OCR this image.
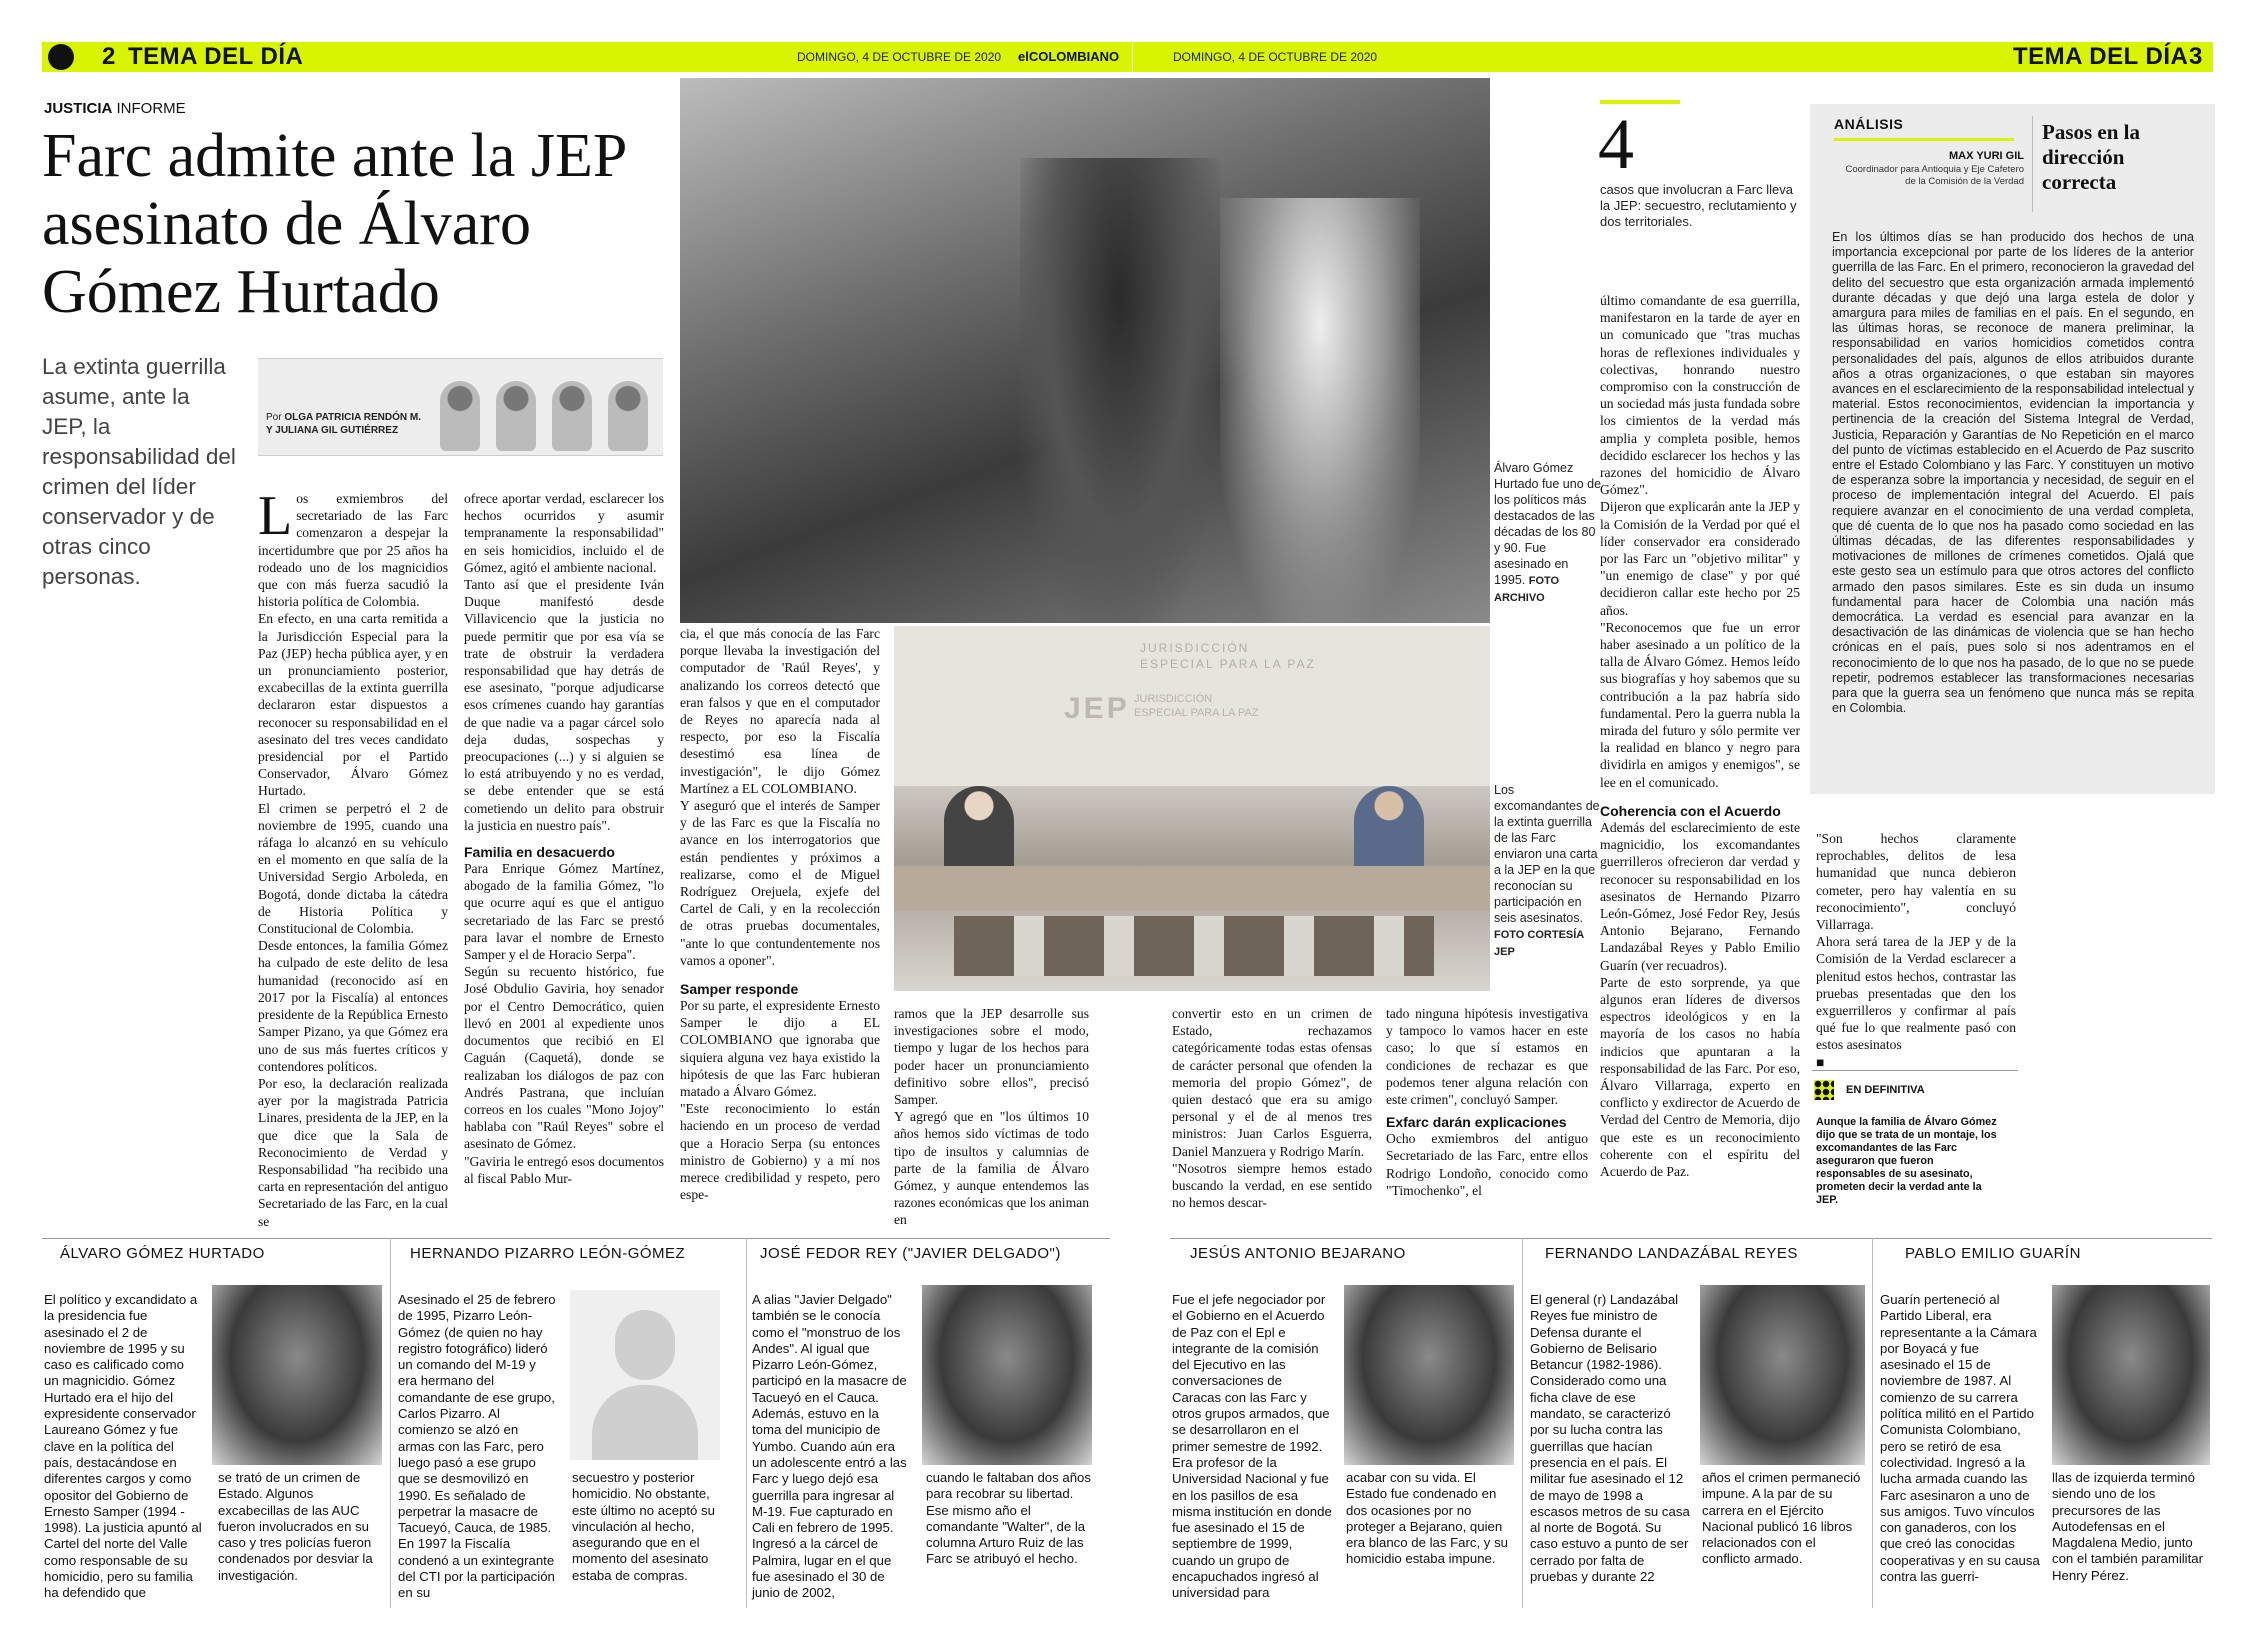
2 TEMA DEL DÍA	DOMINGO, 4 DE OCTUBRE DE 2020 elCOLOMBIANO	DOMINGO, 4 DE OCTUBRE DE 2020	TEMA DEL DÍA 3
JUSTICIA INFORME
Farc admite ante la JEP
asesinato de Álvaro
Gómez Hurtado
La extinta guerrilla asume, ante la JEP, la responsabilidad del crimen del líder conservador y de otras cinco personas.
Por OLGA PATRICIA RENDÓN M.
Y JULIANA GIL GUTIÉRREZ
L os exmiembros del secretariado de las Farc comenzaron a despejar la incertidumbre que por 25 años ha rodeado uno de los magnicidios que con más fuerza sacudió la historia política de Colombia.

En efecto, en una carta remitida a la Jurisdicción Especial para la Paz (JEP) hecha pública ayer, y en un pronunciamiento posterior, excabecillas de la extinta guerrilla declararon estar dispuestos a reconocer su responsabilidad en el asesinato del tres veces candidato presidencial por el Partido Conservador, Álvaro Gómez Hurtado.

El crimen se perpetró el 2 de noviembre de 1995, cuando una ráfaga lo alcanzó en su vehículo en el momento en que salía de la Universidad Sergio Arboleda, en Bogotá, donde dictaba la cátedra de Historia Política y Constitucional de Colombia.

Desde entonces, la familia Gómez ha culpado de este delito de lesa humanidad (reconocido así en 2017 por la Fiscalía) al entonces presidente de la República Ernesto Samper Pizano, ya que Gómez era uno de sus más fuertes críticos y contendores políticos.

Por eso, la declaración realizada ayer por la magistrada Patricia Linares, presidenta de la JEP, en la que dice que la Sala de Reconocimiento de Verdad y Responsabilidad "ha recibido una carta en representación del antiguo Secretariado de las Farc, en la cual se

ofrece aportar verdad, esclarecer los hechos ocurridos y asumir tempranamente la responsabilidad" en seis homicidios, incluido el de Gómez, agitó el ambiente nacional.

Tanto así que el presidente Iván Duque manifestó desde Villavicencio que la justicia no puede permitir que por esa vía se trate de obstruir la verdadera responsabilidad que hay detrás de ese asesinato, "porque adjudicarse esos crímenes cuando hay garantías de que nadie va a pagar cárcel solo deja dudas, sospechas y preocupaciones (...) y si alguien se lo está atribuyendo y no es verdad, se debe entender que se está cometiendo un delito para obstruir la justicia en nuestro país".

Familia en desacuerdo

Para Enrique Gómez Martínez, abogado de la familia Gómez, "lo que ocurre aquí es que el antiguo secretariado de las Farc se prestó para lavar el nombre de Ernesto Samper y el de Horacio Serpa".

Según su recuento histórico, fue José Obdulio Gaviria, hoy senador por el Centro Democrático, quien llevó en 2001 al expediente unos documentos que recibió en El Caguán (Caquetá), donde se realizaban los diálogos de paz con Andrés Pastrana, que incluían correos en los cuales "Mono Jojoy" hablaba con "Raúl Reyes" sobre el asesinato de Gómez.

"Gaviria le entregó esos documentos al fiscal Pablo Mur-

cia, el que más conocía de las Farc porque llevaba la investigación del computador de 'Raúl Reyes', y analizando los correos detectó que eran falsos y que en el computador de Reyes no aparecía nada al respecto, por eso la Fiscalía desestimó esa línea de investigación", le dijo Gómez Martínez a EL COLOMBIANO.

Y aseguró que el interés de Samper y de las Farc es que la Fiscalía no avance en los interrogatorios que están pendientes y próximos a realizarse, como el de Miguel Rodríguez Orejuela, exjefe del Cartel de Cali, y en la recolección de otras pruebas documentales, "ante lo que contundentemente nos vamos a oponer".

Samper responde

Por su parte, el expresidente Ernesto Samper le dijo a EL COLOMBIANO que ignoraba que siquiera alguna vez haya existido la hipótesis de que las Farc hubieran matado a Álvaro Gómez.

"Este reconocimiento lo están haciendo en un proceso de verdad que a Horacio Serpa (su entonces ministro de Gobierno) y a mí nos merece credibilidad y respeto, pero espe-

ramos que la JEP desarrolle sus investigaciones sobre el modo, tiempo y lugar de los hechos para poder hacer un pronunciamiento definitivo sobre ellos", precisó Samper.

Y agregó que en "los últimos 10 años hemos sido víctimas de todo tipo de insultos y calumnias de parte de la familia de Álvaro Gómez, y aunque entendemos las razones económicas que los animan en

Álvaro Gómez Hurtado fue uno de los políticos más destacados de las décadas de los 80 y 90. Fue asesinado en 1995. FOTO ARCHIVO
JEP JURISDICCIÓN
ESPECIAL PARA LA PAZ
JURISDICCIÓN
ESPECIAL PARA LA PAZ
Los excomandantes de la extinta guerrilla de las Farc enviaron una carta a la JEP en la que reconocían su participación en seis asesinatos. FOTO CORTESÍA JEP

convertir esto en un crimen de Estado, rechazamos categóricamente todas estas ofensas de carácter personal que ofenden la memoria del propio Gómez", de quien destacó que era su amigo personal y el de al menos tres ministros: Juan Carlos Esguerra, Daniel Manzuera y Rodrigo Marín.

"Nosotros siempre hemos estado buscando la verdad, en ese sentido no hemos descar-

tado ninguna hipótesis investigativa y tampoco lo vamos hacer en este caso; lo que sí estamos en condiciones de rechazar es que podemos tener alguna relación con este crimen", concluyó Samper.

Exfarc darán explicaciones

Ocho exmiembros del antiguo Secretariado de las Farc, entre ellos Rodrigo Londoño, conocido como "Timochenko", el

4
casos que involucran a Farc lleva la JEP: secuestro, reclutamiento y dos territoriales.

último comandante de esa guerrilla, manifestaron en la tarde de ayer en un comunicado que "tras muchas horas de reflexiones individuales y colectivas, honrando nuestro compromiso con la construcción de un sociedad más justa fundada sobre los cimientos de la verdad más amplia y completa posible, hemos decidido esclarecer los hechos y las razones del homicidio de Álvaro Gómez".

Dijeron que explicarán ante la JEP y la Comisión de la Verdad por qué el líder conservador era considerado por las Farc un "objetivo militar" y "un enemigo de clase" y por qué decidieron callar este hecho por 25 años.

"Reconocemos que fue un error haber asesinado a un político de la talla de Álvaro Gómez. Hemos leído sus biografías y hoy sabemos que su contribución a la paz habría sido fundamental. Pero la guerra nubla la mirada del futuro y sólo permite ver la realidad en blanco y negro para dividirla en amigos y enemigos", se lee en el comunicado.

Coherencia con el Acuerdo

Además del esclarecimiento de este magnicidio, los excomandantes guerrilleros ofrecieron dar verdad y reconocer su responsabilidad en los asesinatos de Hernando Pizarro León-Gómez, José Fedor Rey, Jesús Antonio Bejarano, Fernando Landazábal Reyes y Pablo Emilio Guarín (ver recuadros).

Parte de esto sorprende, ya que algunos eran líderes de diversos espectros ideológicos y en la mayoría de los casos no había indicios que apuntaran a la responsabilidad de las Farc. Por eso, Álvaro Villarraga, experto en conflicto y exdirector de Acuerdo de Verdad del Centro de Memoria, dijo que este es un reconocimiento coherente con el espíritu del Acuerdo de Paz.

"Son hechos claramente reprochables, delitos de lesa humanidad que nunca debieron cometer, pero hay valentía en su reconocimiento", concluyó Villarraga.

Ahora será tarea de la JEP y de la Comisión de la Verdad esclarecer a plenitud estos hechos, contrastar las pruebas presentadas que den los exguerrilleros y confirmar al país qué fue lo que realmente pasó con estos asesinatos

■
ANÁLISIS
MAX YURI GIL
Coordinador para Antioquia y Eje Cafetero de la Comisión de la Verdad
Pasos en la dirección correcta
En los últimos días se han producido dos hechos de una importancia excepcional por parte de los líderes de la anterior guerrilla de las Farc. En el primero, reconocieron la gravedad del delito del secuestro que esta organización armada implementó durante décadas y que dejó una larga estela de dolor y amargura para miles de familias en el país. En el segundo, en las últimas horas, se reconoce de manera preliminar, la responsabilidad en varios homicidios cometidos contra personalidades del país, algunos de ellos atribuidos durante años a otras organizaciones, o que estaban sin mayores avances en el esclarecimiento de la responsabilidad intelectual y material. Estos reconocimientos, evidencian la importancia y pertinencia de la creación del Sistema Integral de Verdad, Justicia, Reparación y Garantías de No Repetición en el marco del punto de víctimas establecido en el Acuerdo de Paz suscrito entre el Estado Colombiano y las Farc. Y constituyen un motivo de esperanza sobre la importancia y necesidad, de seguir en el proceso de implementación integral del Acuerdo. El país requiere avanzar en el conocimiento de una verdad completa, que dé cuenta de lo que nos ha pasado como sociedad en las últimas décadas, de las diferentes responsabilidades y motivaciones de millones de crímenes cometidos. Ojalá que este gesto sea un estímulo para que otros actores del conflicto armado den pasos similares. Este es sin duda un insumo fundamental para hacer de Colombia una nación más democrática. La verdad es esencial para avanzar en la desactivación de las dinámicas de violencia que se han hecho crónicas en el país, pues solo si nos adentramos en el reconocimiento de lo que nos ha pasado, de lo que no se puede repetir, podremos establecer las transformaciones necesarias para que la guerra sea un fenómeno que nunca más se repita en Colombia.
EN DEFINITIVA
Aunque la familia de Álvaro Gómez dijo que se trata de un montaje, los excomandantes de las Farc aseguraron que fueron responsables de su asesinato, prometen decir la verdad ante la JEP.
ÁLVARO GÓMEZ HURTADO
El político y excandidato a la presidencia fue asesinado el 2 de noviembre de 1995 y su caso es calificado como un magnicidio. Gómez Hurtado era el hijo del expresidente conservador Laureano Gómez y fue clave en la política del país, destacándose en diferentes cargos y como opositor del Gobierno de Ernesto Samper (1994 - 1998). La justicia apuntó al Cartel del norte del Valle como responsable de su homicidio, pero su familia ha defendido que
se trató de un crimen de Estado. Algunos excabecillas de las AUC fueron involucrados en su caso y tres policías fueron condenados por desviar la investigación.
HERNANDO PIZARRO LEÓN-GÓMEZ
Asesinado el 25 de febrero de 1995, Pizarro León-Gómez (de quien no hay registro fotográfico) lideró un comando del M-19 y era hermano del comandante de ese grupo, Carlos Pizarro. Al comienzo se alzó en armas con las Farc, pero luego pasó a ese grupo que se desmovilizó en 1990. Es señalado de perpetrar la masacre de Tacueyó, Cauca, de 1985. En 1997 la Fiscalía condenó a un exintegrante del CTI por la participación en su
secuestro y posterior homicidio. No obstante, este último no aceptó su vinculación al hecho, asegurando que en el momento del asesinato estaba de compras.
JOSÉ FEDOR REY ("JAVIER DELGADO")
A alias "Javier Delgado" también se le conocía como el "monstruo de los Andes". Al igual que Pizarro León-Gómez, participó en la masacre de Tacueyó en el Cauca. Además, estuvo en la toma del municipio de Yumbo. Cuando aún era un adolescente entró a las Farc y luego dejó esa guerrilla para ingresar al M-19. Fue capturado en Cali en febrero de 1995. Ingresó a la cárcel de Palmira, lugar en el que fue asesinado el 30 de junio de 2002,
cuando le faltaban dos años para recobrar su libertad. Ese mismo año el comandante "Walter", de la columna Arturo Ruiz de las Farc se atribuyó el hecho.
JESÚS ANTONIO BEJARANO
Fue el jefe negociador por el Gobierno en el Acuerdo de Paz con el Epl e integrante de la comisión del Ejecutivo en las conversaciones de Caracas con las Farc y otros grupos armados, que se desarrollaron en el primer semestre de 1992. Era profesor de la Universidad Nacional y fue en los pasillos de esa misma institución en donde fue asesinado el 15 de septiembre de 1999, cuando un grupo de encapuchados ingresó al universidad para
acabar con su vida. El Estado fue condenado en dos ocasiones por no proteger a Bejarano, quien era blanco de las Farc, y su homicidio estaba impune.
FERNANDO LANDAZÁBAL REYES
El general (r) Landazábal Reyes fue ministro de Defensa durante el Gobierno de Belisario Betancur (1982-1986). Considerado como una ficha clave de ese mandato, se caracterizó por su lucha contra las guerrillas que hacían presencia en el país. El militar fue asesinado el 12 de mayo de 1998 a escasos metros de su casa al norte de Bogotá. Su caso estuvo a punto de ser cerrado por falta de pruebas y durante 22
años el crimen permaneció impune. A la par de su carrera en el Ejército Nacional publicó 16 libros relacionados con el conflicto armado.
PABLO EMILIO GUARÍN
Guarín perteneció al Partido Liberal, era representante a la Cámara por Boyacá y fue asesinado el 15 de noviembre de 1987. Al comienzo de su carrera política militó en el Partido Comunista Colombiano, pero se retiró de esa colectividad. Ingresó a la lucha armada cuando las Farc asesinaron a uno de sus amigos. Tuvo vínculos con ganaderos, con los que creó las conocidas cooperativas y en su causa contra las guerri-
llas de izquierda terminó siendo uno de los precursores de las Autodefensas en el Magdalena Medio, junto con el también paramilitar Henry Pérez.
